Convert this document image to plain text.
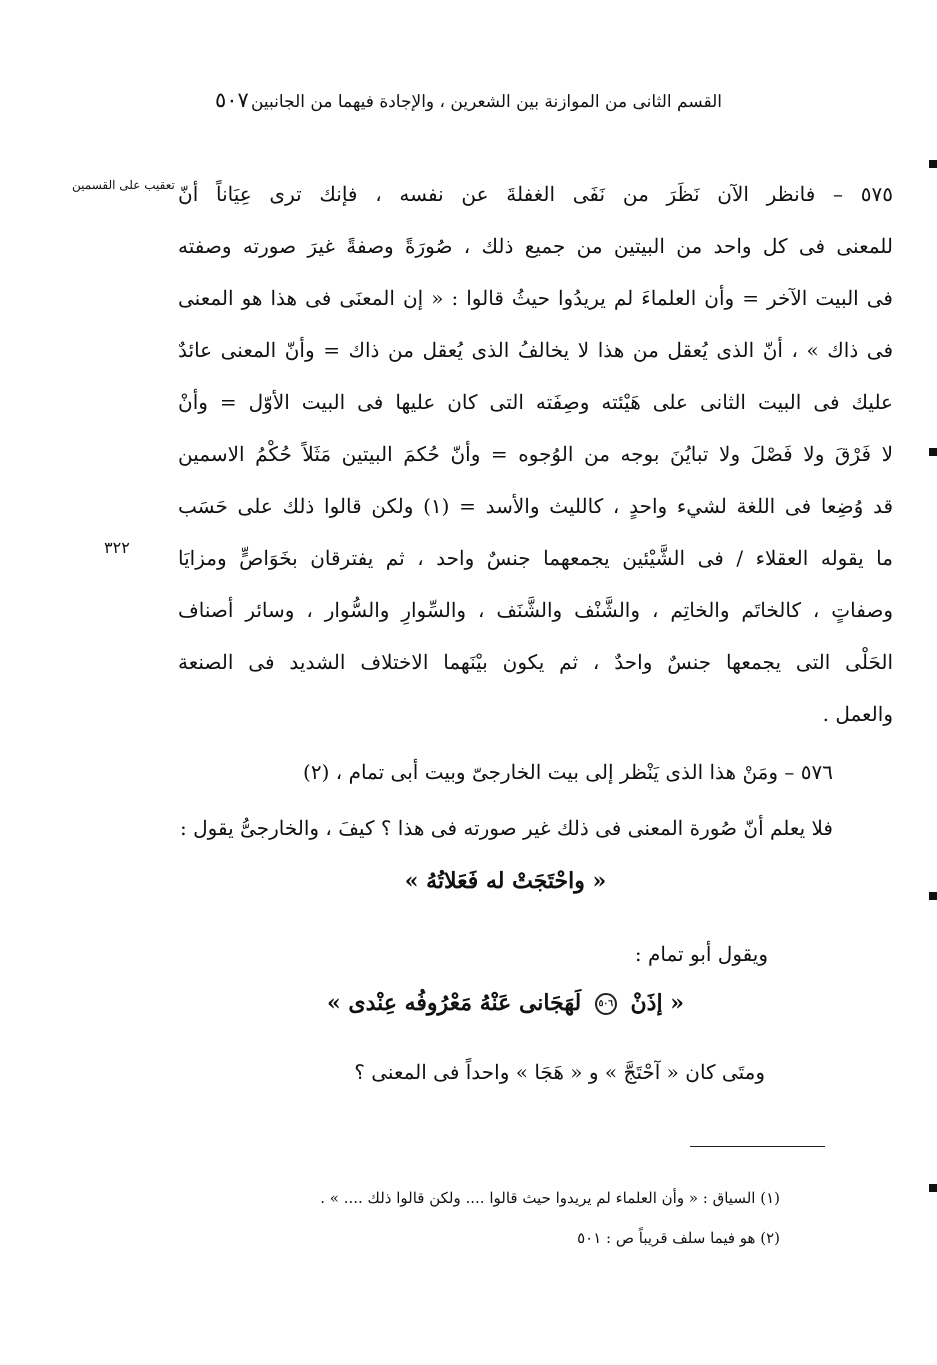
القسم الثانى من الموازنة بين الشعرين ، والإجادة فيهما من الجانبين
٥٠٧
تعقيب على القسمين
٣٢٢
٥٧٥ – فانظر الآن نَظَرَ من نَفَى الغفلةَ عن نفسه ، فإنك ترى عِيَاناً أنّ
للمعنى فى كل واحد من البيتين من جميع ذلك ، صُورَةً وصفةً غيرَ صورته وصفته
فى البيت الآخر = وأن العلماءَ لم يريدُوا حيثُ قالوا : « إن المعنَى فى هذا هو المعنى
فى ذاك » ، أنّ الذى يُعقل من هذا لا يخالفُ الذى يُعقل من ذاك = وأنّ المعنى عائدٌ
عليك فى البيت الثانى على هَيْئته وصِفَته التى كان عليها فى البيت الأوّل = وأنْ
لا فَرْقَ ولا فَصْلَ ولا تبايُنَ بوجه من الوُجوه = وأنّ حُكمَ البيتين مَثَلاً حُكْمُ الاسمين
قد وُضِعا فى اللغة لشيء واحدٍ ، كالليث والأسد = (١) ولكن قالوا ذلك على حَسَب
ما يقوله العقلاء / فى الشَّيْئين يجمعهما جنسٌ واحد ، ثم يفترقان بخَوَاصٍّ ومزايَا
وصفاتٍ ، كالخاتَم والخاتِم ، والشَّنْف والشَّنَف ، والسِّوارِ والسُّوار ، وسائر أصناف
الحَلْى التى يجمعها جنسٌ واحدٌ ، ثم يكون بيْنَهما الاختلاف الشديد فى الصنعة
والعمل .
٥٧٦ – ومَنْ هذا الذى يَنْظر إلى بيت الخارجىّ وبيت أبى تمام ، (٢)
فلا يعلم أنّ صُورة المعنى فى ذلك غير صورته فى هذا ؟ كيفَ ، والخارجىُّ يقول :
« واحْتَجَتْ له فَعَلاتُهُ »
ويقول أبو تمام :
« إذَنْ ٥٠٦ لَهَجَانى عَنْهُ مَعْرُوفُه عِنْدى »
ومتَى كان « آحْتَجَّ » و « هَجَا » واحداً فى المعنى ؟
(١) السياق : « وأن العلماء لم يريدوا حيث قالوا .... ولكن قالوا ذلك .... » .
(٢) هو فيما سلف قريباً ص : ٥٠١
